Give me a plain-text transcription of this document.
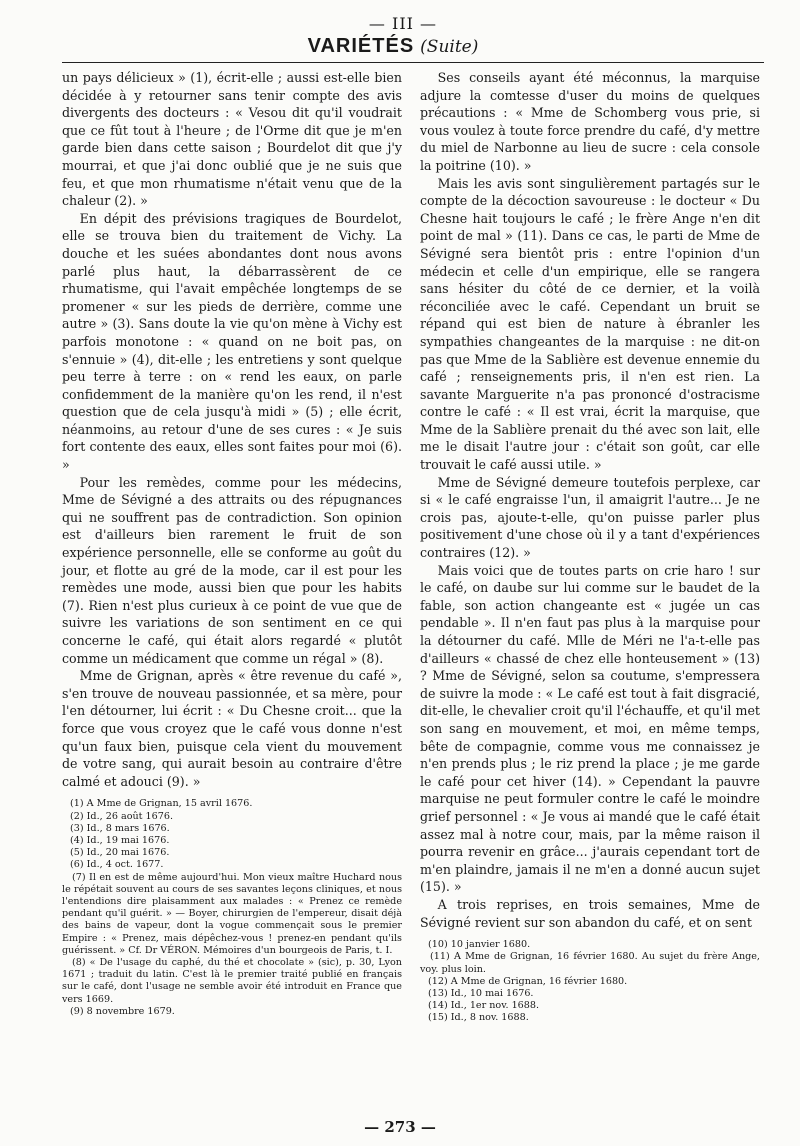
— III —
VARIÉTÉS (Suite)

un pays délicieux » (1), écrit-elle ; aussi est-elle bien décidée à y retourner sans tenir compte des avis divergents des docteurs : « Vesou dit qu'il voudrait que ce fût tout à l'heure ; de l'Orme dit que je m'en garde bien dans cette saison ; Bourdelot dit que j'y mourrai, et que j'ai donc oublié que je ne suis que feu, et que mon rhumatisme n'était venu que de la chaleur (2). »

En dépit des prévisions tragiques de Bourdelot, elle se trouva bien du traitement de Vichy. La douche et les suées abondantes dont nous avons parlé plus haut, la débarrassèrent de ce rhumatisme, qui l'avait empêchée longtemps de se promener « sur les pieds de derrière, comme une autre » (3). Sans doute la vie qu'on mène à Vichy est parfois monotone : « quand on ne boit pas, on s'ennuie » (4), dit-elle ; les entretiens y sont quelque peu terre à terre : on « rend les eaux, on parle confidemment de la manière qu'on les rend, il n'est question que de cela jusqu'à midi » (5) ; elle écrit, néanmoins, au retour d'une de ses cures : « Je suis fort contente des eaux, elles sont faites pour moi (6). »

Pour les remèdes, comme pour les médecins, Mme de Sévigné a des attraits ou des répugnances qui ne souffrent pas de contradiction. Son opinion est d'ailleurs bien rarement le fruit de son expérience personnelle, elle se conforme au goût du jour, et flotte au gré de la mode, car il est pour les remèdes une mode, aussi bien que pour les habits (7). Rien n'est plus curieux à ce point de vue que de suivre les variations de son sentiment en ce qui concerne le café, qui était alors regardé « plutôt comme un médicament que comme un régal » (8).

Mme de Grignan, après « être revenue du café », s'en trouve de nouveau passionnée, et sa mère, pour l'en détourner, lui écrit : « Du Chesne croit... que la force que vous croyez que le café vous donne n'est qu'un faux bien, puisque cela vient du mouvement de votre sang, qui aurait besoin au contraire d'être calmé et adouci (9). »

(1) A Mme de Grignan, 15 avril 1676.
(2) Id., 26 août 1676.
(3) Id., 8 mars 1676.
(4) Id., 19 mai 1676.
(5) Id., 20 mai 1676.
(6) Id., 4 oct. 1677.
(7) Il en est de même aujourd'hui. Mon vieux maître Huchard nous le répétait souvent au cours de ses savantes leçons cliniques, et nous l'entendions dire plaisamment aux malades : « Prenez ce remède pendant qu'il guérit. » — Boyer, chirurgien de l'empereur, disait déjà des bains de vapeur, dont la vogue commençait sous le premier Empire : « Prenez, mais dépêchez-vous ! prenez-en pendant qu'ils guérissent. » Cf. Dr VÉRON. Mémoires d'un bourgeois de Paris, t. I.
(8) « De l'usage du caphé, du thé et chocolate » (sic), p. 30, Lyon 1671 ; traduit du latin. C'est là le premier traité publié en français sur le café, dont l'usage ne semble avoir été introduit en France que vers 1669.
(9) 8 novembre 1679.

Ses conseils ayant été méconnus, la marquise adjure la comtesse d'user du moins de quelques précautions : « Mme de Schomberg vous prie, si vous voulez à toute force prendre du café, d'y mettre du miel de Narbonne au lieu de sucre : cela console la poitrine (10). »

Mais les avis sont singulièrement partagés sur le compte de la décoction savoureuse : le docteur « Du Chesne hait toujours le café ; le frère Ange n'en dit point de mal » (11). Dans ce cas, le parti de Mme de Sévigné sera bientôt pris : entre l'opinion d'un médecin et celle d'un empirique, elle se rangera sans hésiter du côté de ce dernier, et la voilà réconciliée avec le café. Cependant un bruit se répand qui est bien de nature à ébranler les sympathies changeantes de la marquise : ne dit-on pas que Mme de la Sablière est devenue ennemie du café ; renseignements pris, il n'en est rien. La savante Marguerite n'a pas prononcé d'ostracisme contre le café : « Il est vrai, écrit la marquise, que Mme de la Sablière prenait du thé avec son lait, elle me le disait l'autre jour : c'était son goût, car elle trouvait le café aussi utile. »

Mme de Sévigné demeure toutefois perplexe, car si « le café engraisse l'un, il amaigrit l'autre... Je ne crois pas, ajoute-t-elle, qu'on puisse parler plus positivement d'une chose où il y a tant d'expériences contraires (12). »

Mais voici que de toutes parts on crie haro ! sur le café, on daube sur lui comme sur le baudet de la fable, son action changeante est « jugée un cas pendable ». Il n'en faut pas plus à la marquise pour la détourner du café. Mlle de Méri ne l'a-t-elle pas d'ailleurs « chassé de chez elle honteusement » (13) ? Mme de Sévigné, selon sa coutume, s'empressera de suivre la mode : « Le café est tout à fait disgracié, dit-elle, le chevalier croit qu'il l'échauffe, et qu'il met son sang en mouvement, et moi, en même temps, bête de compagnie, comme vous me connaissez je n'en prends plus ; le riz prend la place ; je me garde le café pour cet hiver (14). » Cependant la pauvre marquise ne peut formuler contre le café le moindre grief personnel : « Je vous ai mandé que le café était assez mal à notre cour, mais, par la même raison il pourra revenir en grâce... j'aurais cependant tort de m'en plaindre, jamais il ne m'en a donné aucun sujet (15). »

A trois reprises, en trois semaines, Mme de Sévigné revient sur son abandon du café, et on sent

(10) 10 janvier 1680.
(11) A Mme de Grignan, 16 février 1680. Au sujet du frère Ange, voy. plus loin.
(12) A Mme de Grignan, 16 février 1680.
(13) Id., 10 mai 1676.
(14) Id., 1er nov. 1688.
(15) Id., 8 nov. 1688.
— 273 —
